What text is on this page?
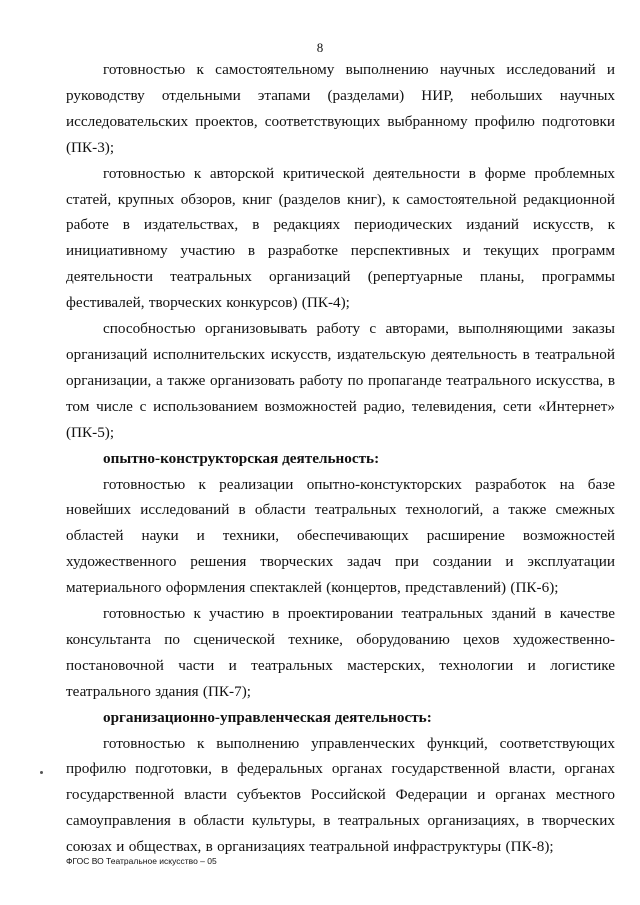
8

готовностью к самостоятельному выполнению научных исследований и руководству отдельными этапами (разделами) НИР, небольших научных исследовательских проектов, соответствующих выбранному профилю подготовки (ПК-3);

готовностью к авторской критической деятельности в форме проблемных статей, крупных обзоров, книг (разделов книг), к самостоятельной редакционной работе в издательствах, в редакциях периодических изданий искусств, к инициативному участию в разработке перспективных и текущих программ деятельности театральных организаций (репертуарные планы, программы фестивалей, творческих конкурсов) (ПК-4);

способностью организовывать работу с авторами, выполняющими заказы организаций исполнительских искусств, издательскую деятельность в театральной организации, а также организовать работу по пропаганде театрального искусства, в том числе с использованием возможностей радио, телевидения, сети «Интернет» (ПК-5);

опытно-конструкторская деятельность:

готовностью к реализации опытно-констукторских разработок на базе новейших исследований в области театральных технологий, а также смежных областей науки и техники, обеспечивающих расширение возможностей художественного решения творческих задач при создании и эксплуатации материального оформления спектаклей (концертов, представлений) (ПК-6);

готовностью к участию в проектировании театральных зданий в качестве консультанта по сценической технике, оборудованию цехов художественно-постановочной части и театральных мастерских, технологии и логистике театрального здания (ПК-7);

организационно-управленческая деятельность:

готовностью к выполнению управленческих функций, соответствующих профилю подготовки, в федеральных органах государственной власти, органах государственной власти субъектов Российской Федерации и органах местного самоуправления в области культуры, в театральных организациях, в творческих союзах и обществах, в организациях театральной инфраструктуры (ПК-8);

ФГОС ВО Театральное искусство – 05
